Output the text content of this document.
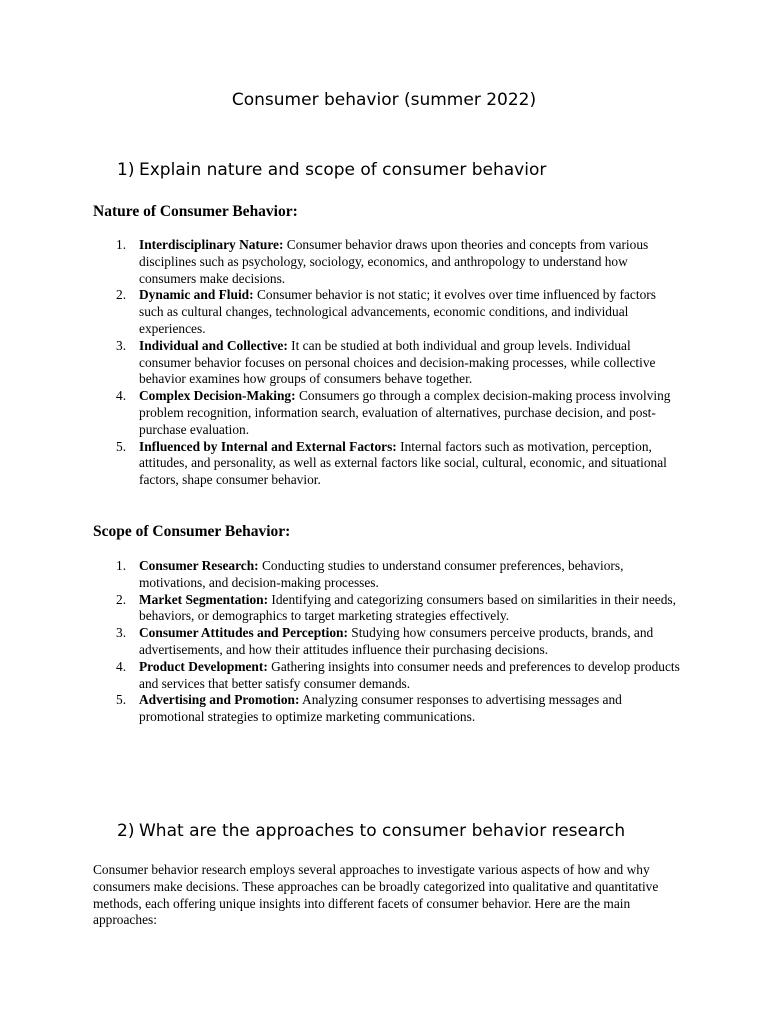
Consumer behavior (summer 2022)
1) Explain nature and scope of consumer behavior
Nature of Consumer Behavior:
1. Interdisciplinary Nature: Consumer behavior draws upon theories and concepts from various disciplines such as psychology, sociology, economics, and anthropology to understand how consumers make decisions.
2. Dynamic and Fluid: Consumer behavior is not static; it evolves over time influenced by factors such as cultural changes, technological advancements, economic conditions, and individual experiences.
3. Individual and Collective: It can be studied at both individual and group levels. Individual consumer behavior focuses on personal choices and decision-making processes, while collective behavior examines how groups of consumers behave together.
4. Complex Decision-Making: Consumers go through a complex decision-making process involving problem recognition, information search, evaluation of alternatives, purchase decision, and post-purchase evaluation.
5. Influenced by Internal and External Factors: Internal factors such as motivation, perception, attitudes, and personality, as well as external factors like social, cultural, economic, and situational factors, shape consumer behavior.
Scope of Consumer Behavior:
1. Consumer Research: Conducting studies to understand consumer preferences, behaviors, motivations, and decision-making processes.
2. Market Segmentation: Identifying and categorizing consumers based on similarities in their needs, behaviors, or demographics to target marketing strategies effectively.
3. Consumer Attitudes and Perception: Studying how consumers perceive products, brands, and advertisements, and how their attitudes influence their purchasing decisions.
4. Product Development: Gathering insights into consumer needs and preferences to develop products and services that better satisfy consumer demands.
5. Advertising and Promotion: Analyzing consumer responses to advertising messages and promotional strategies to optimize marketing communications.
2) What are the approaches to consumer behavior research

Consumer behavior research employs several approaches to investigate various aspects of how and why consumers make decisions. These approaches can be broadly categorized into qualitative and quantitative methods, each offering unique insights into different facets of consumer behavior. Here are the main approaches:
